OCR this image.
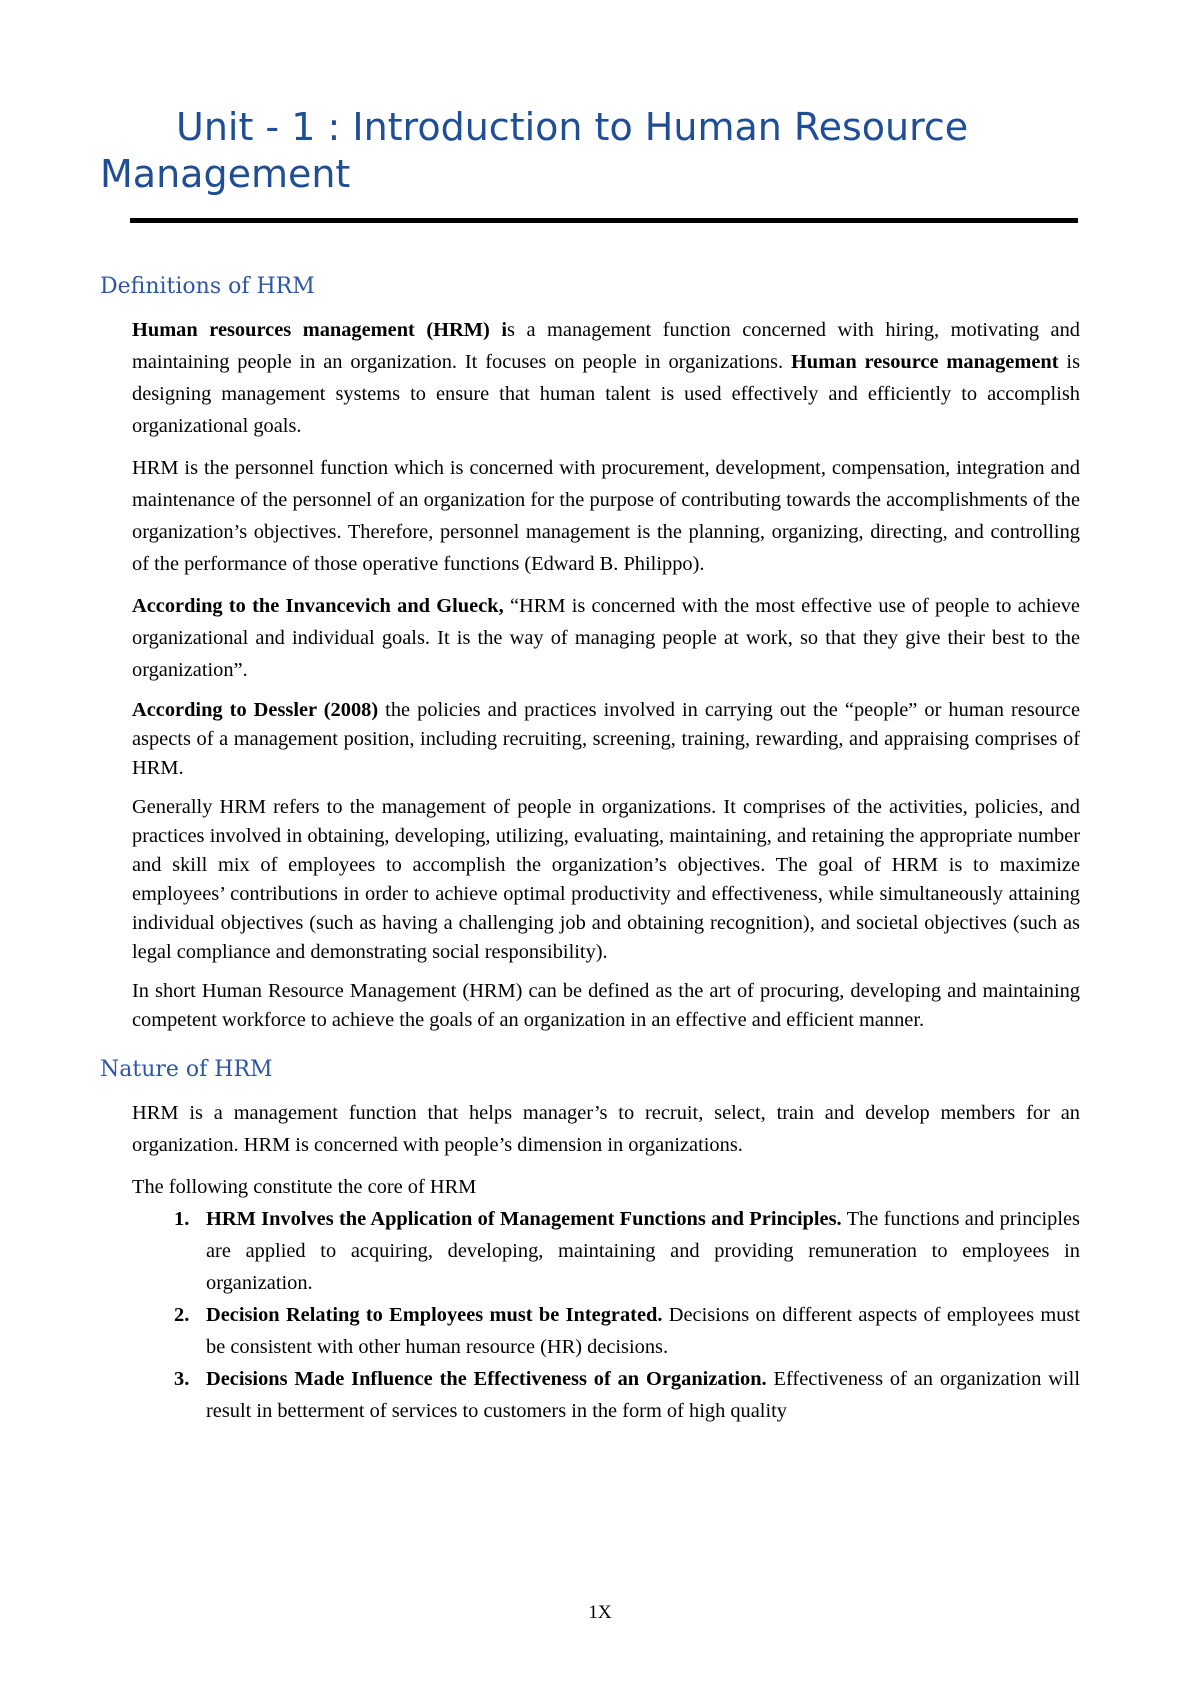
Unit - 1 : Introduction to Human Resource
Management
Definitions of HRM

Human resources management (HRM) is a management function concerned with hiring, motivating and maintaining people in an organization. It focuses on people in organizations. Human resource management is designing management systems to ensure that human talent is used effectively and efficiently to accomplish organizational goals.

HRM is the personnel function which is concerned with procurement, development, compensation, integration and maintenance of the personnel of an organization for the purpose of contributing towards the accomplishments of the organization’s objectives. Therefore, personnel management is the planning, organizing, directing, and controlling of the performance of those operative functions (Edward B. Philippo).

According to the Invancevich and Glueck, “HRM is concerned with the most effective use of people to achieve organizational and individual goals. It is the way of managing people at work, so that they give their best to the organization”.

According to Dessler (2008) the policies and practices involved in carrying out the “people” or human resource aspects of a management position, including recruiting, screening, training, rewarding, and appraising comprises of HRM.

Generally HRM refers to the management of people in organizations. It comprises of the activities, policies, and practices involved in obtaining, developing, utilizing, evaluating, maintaining, and retaining the appropriate number and skill mix of employees to accomplish the organization’s objectives. The goal of HRM is to maximize employees’ contributions in order to achieve optimal productivity and effectiveness, while simultaneously attaining individual objectives (such as having a challenging job and obtaining recognition), and societal objectives (such as legal compliance and demonstrating social responsibility).

In short Human Resource Management (HRM) can be defined as the art of procuring, developing and maintaining competent workforce to achieve the goals of an organization in an effective and efficient manner.

Nature of HRM

HRM is a management function that helps manager’s to recruit, select, train and develop members for an organization. HRM is concerned with people’s dimension in organizations.

The following constitute the core of HRM

1. HRM Involves the Application of Management Functions and Principles. The functions and principles are applied to acquiring, developing, maintaining and providing remuneration to employees in organization.
2. Decision Relating to Employees must be Integrated. Decisions on different aspects of employees must be consistent with other human resource (HR) decisions.
3. Decisions Made Influence the Effectiveness of an Organization. Effectiveness of an organization will result in betterment of services to customers in the form of high quality
1X
